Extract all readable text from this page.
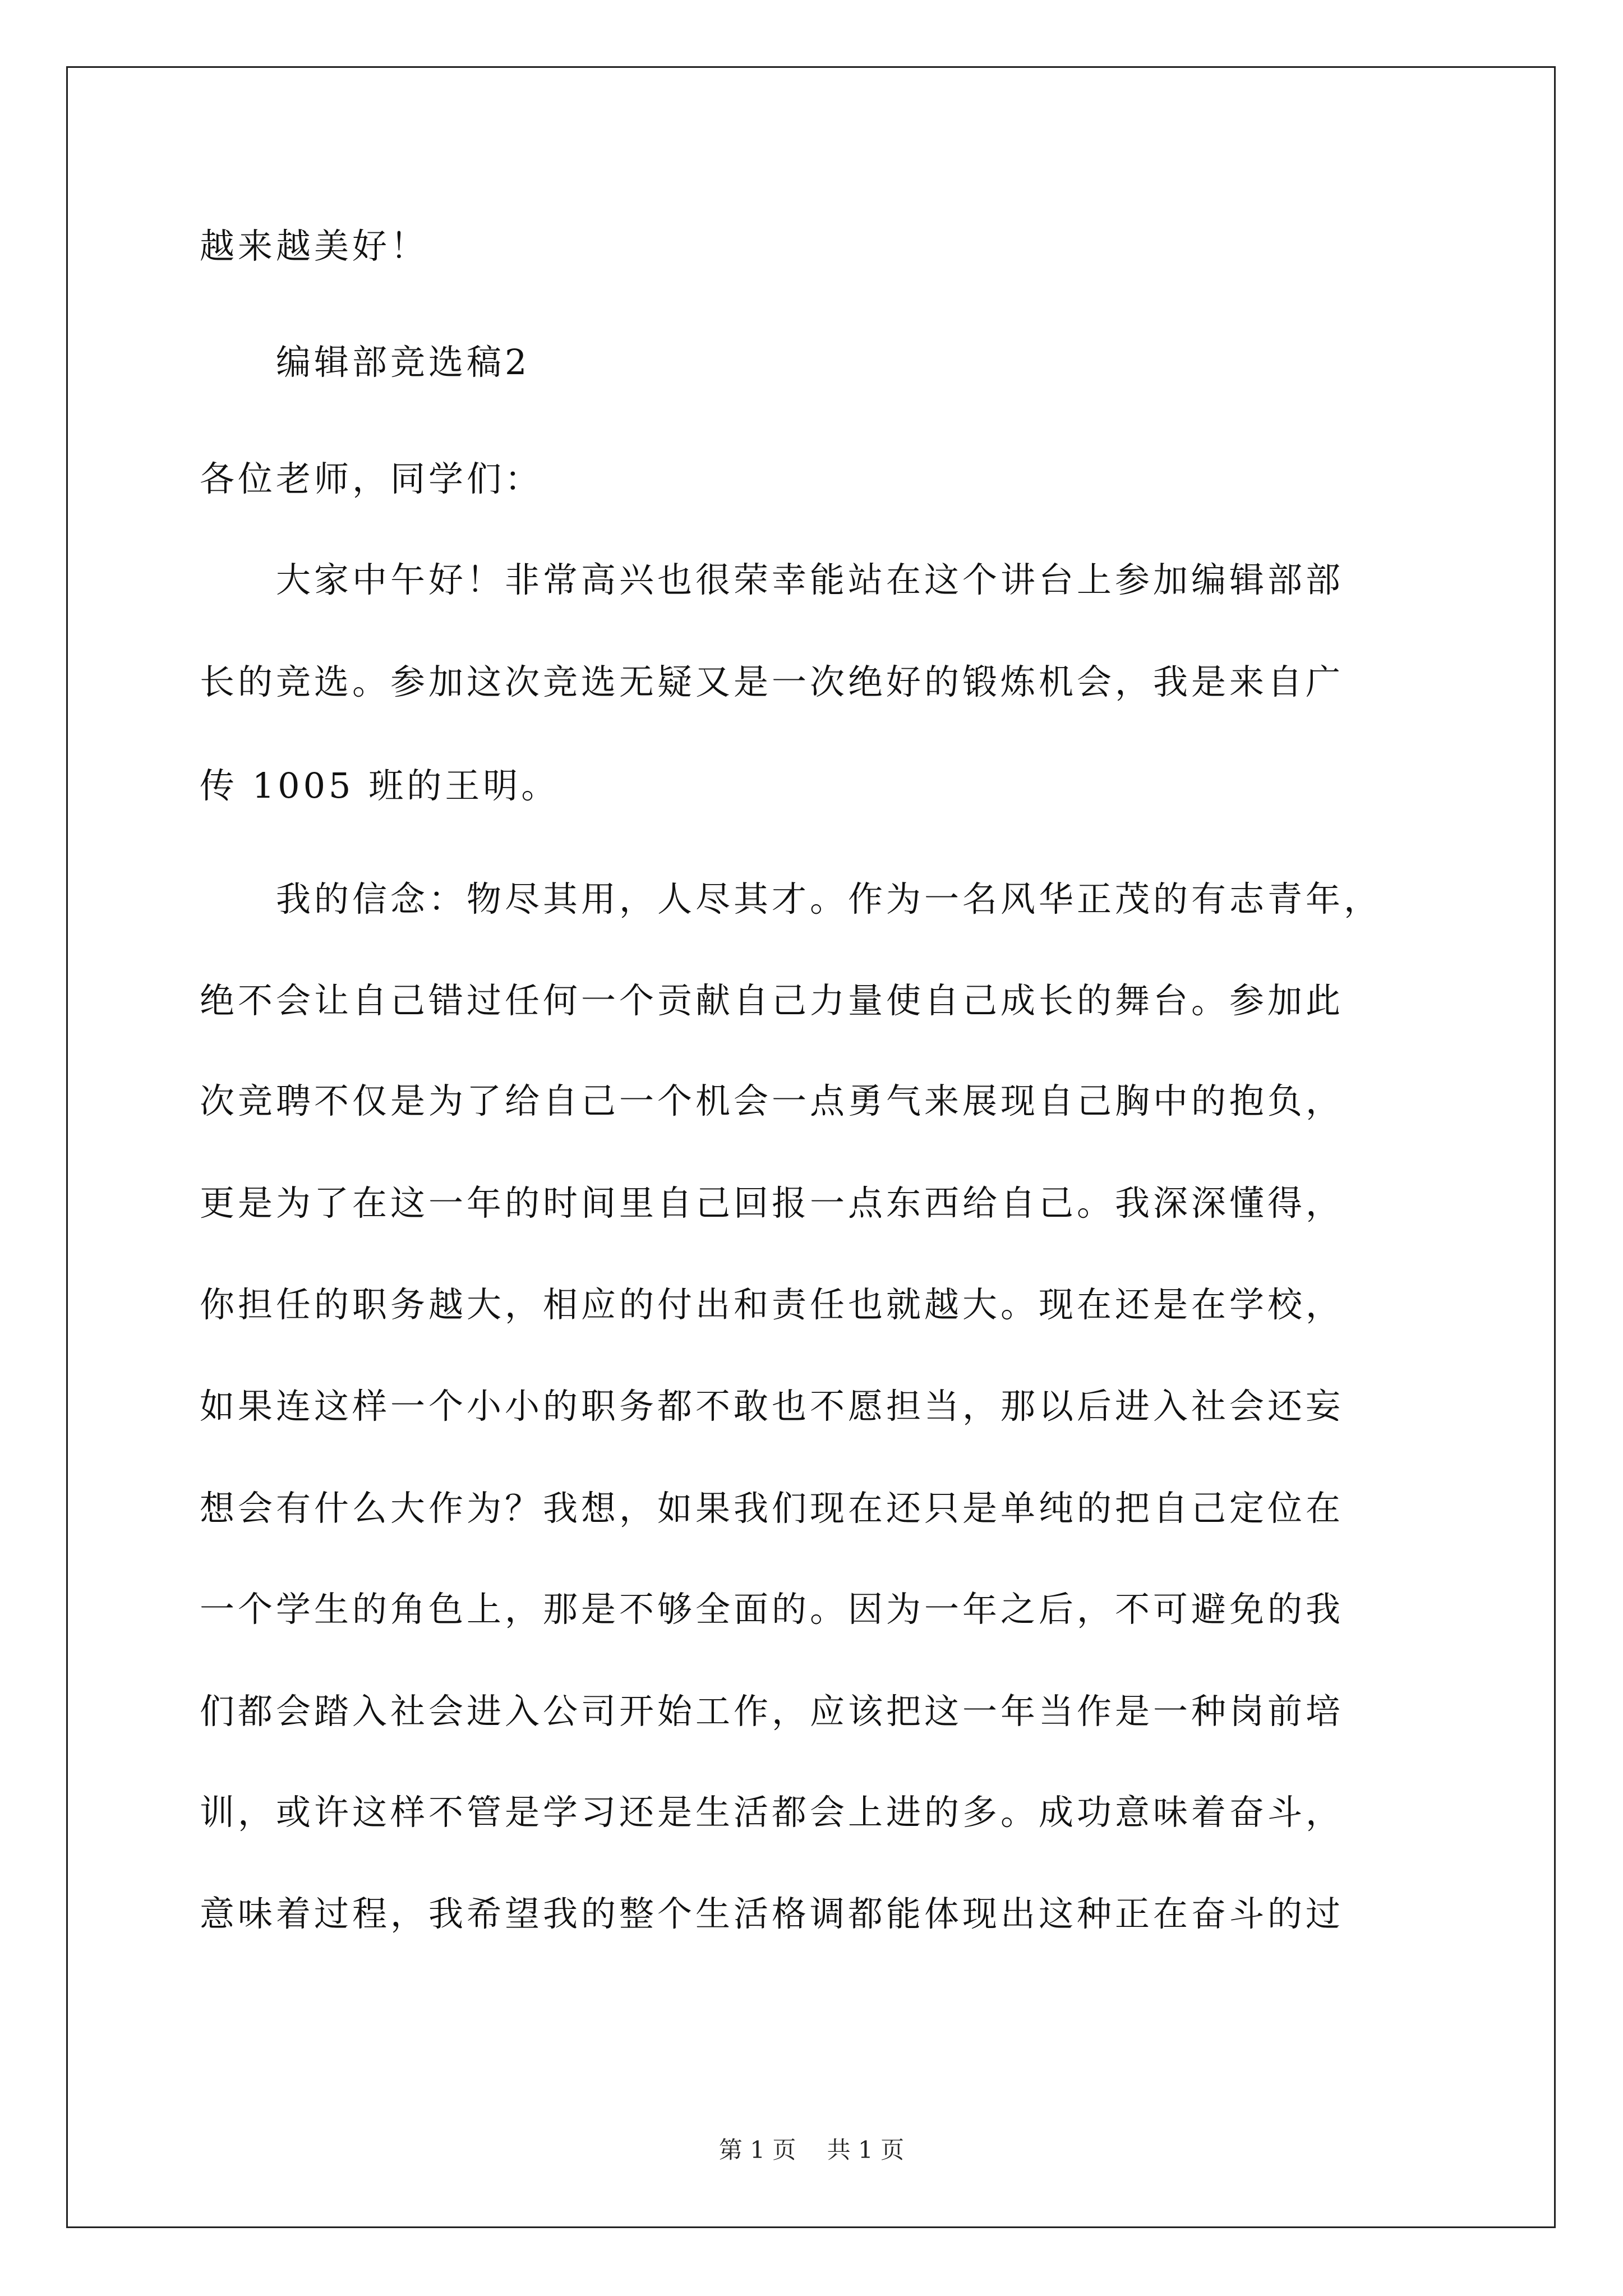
越来越美好！
　　编辑部竞选稿2
各位老师，同学们：
　　大家中午好！非常高兴也很荣幸能站在这个讲台上参加编辑部部
长的竞选。参加这次竞选无疑又是一次绝好的锻炼机会，我是来自广
传 1005 班的王明。
　　我的信念：物尽其用，人尽其才。作为一名风华正茂的有志青年，
绝不会让自己错过任何一个贡献自己力量使自己成长的舞台。参加此
次竞聘不仅是为了给自己一个机会一点勇气来展现自己胸中的抱负，
更是为了在这一年的时间里自己回报一点东西给自己。我深深懂得，
你担任的职务越大，相应的付出和责任也就越大。现在还是在学校，
如果连这样一个小小的职务都不敢也不愿担当，那以后进入社会还妄
想会有什么大作为？我想，如果我们现在还只是单纯的把自己定位在
一个学生的角色上，那是不够全面的。因为一年之后，不可避免的我
们都会踏入社会进入公司开始工作，应该把这一年当作是一种岗前培
训，或许这样不管是学习还是生活都会上进的多。成功意味着奋斗，
意味着过程，我希望我的整个生活格调都能体现出这种正在奋斗的过
第 1 页　 共 1 页
